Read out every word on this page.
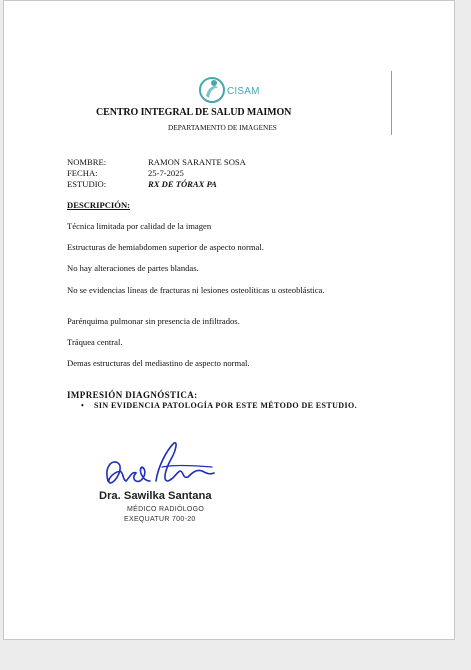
CISAM
CENTRO INTEGRAL DE SALUD MAIMON
DEPARTAMENTO DE IMAGENES
NOMBRE:	RAMON SARANTE SOSA
FECHA:	25-7-2025
ESTUDIO:	RX DE TÓRAX PA
DESCRIPCIÓN:
Técnica limitada por calidad de la imagen
Estructuras de hemiabdomen superior de aspecto normal.
No hay alteraciones de partes blandas.
No se evidencias líneas de fracturas ni lesiones osteolíticas u osteoblástica.
Parénquima pulmonar sin presencia de infiltrados.
Tráquea central.
Demas estructuras del mediastino de aspecto normal.
IMPRESIÓN DIAGNÓSTICA:
• SIN EVIDENCIA PATOLOGÍA POR ESTE MÉTODO DE ESTUDIO.
Dra. Sawilka Santana
MÉDICO RADIÓLOGO
EXEQUATUR 700-20
